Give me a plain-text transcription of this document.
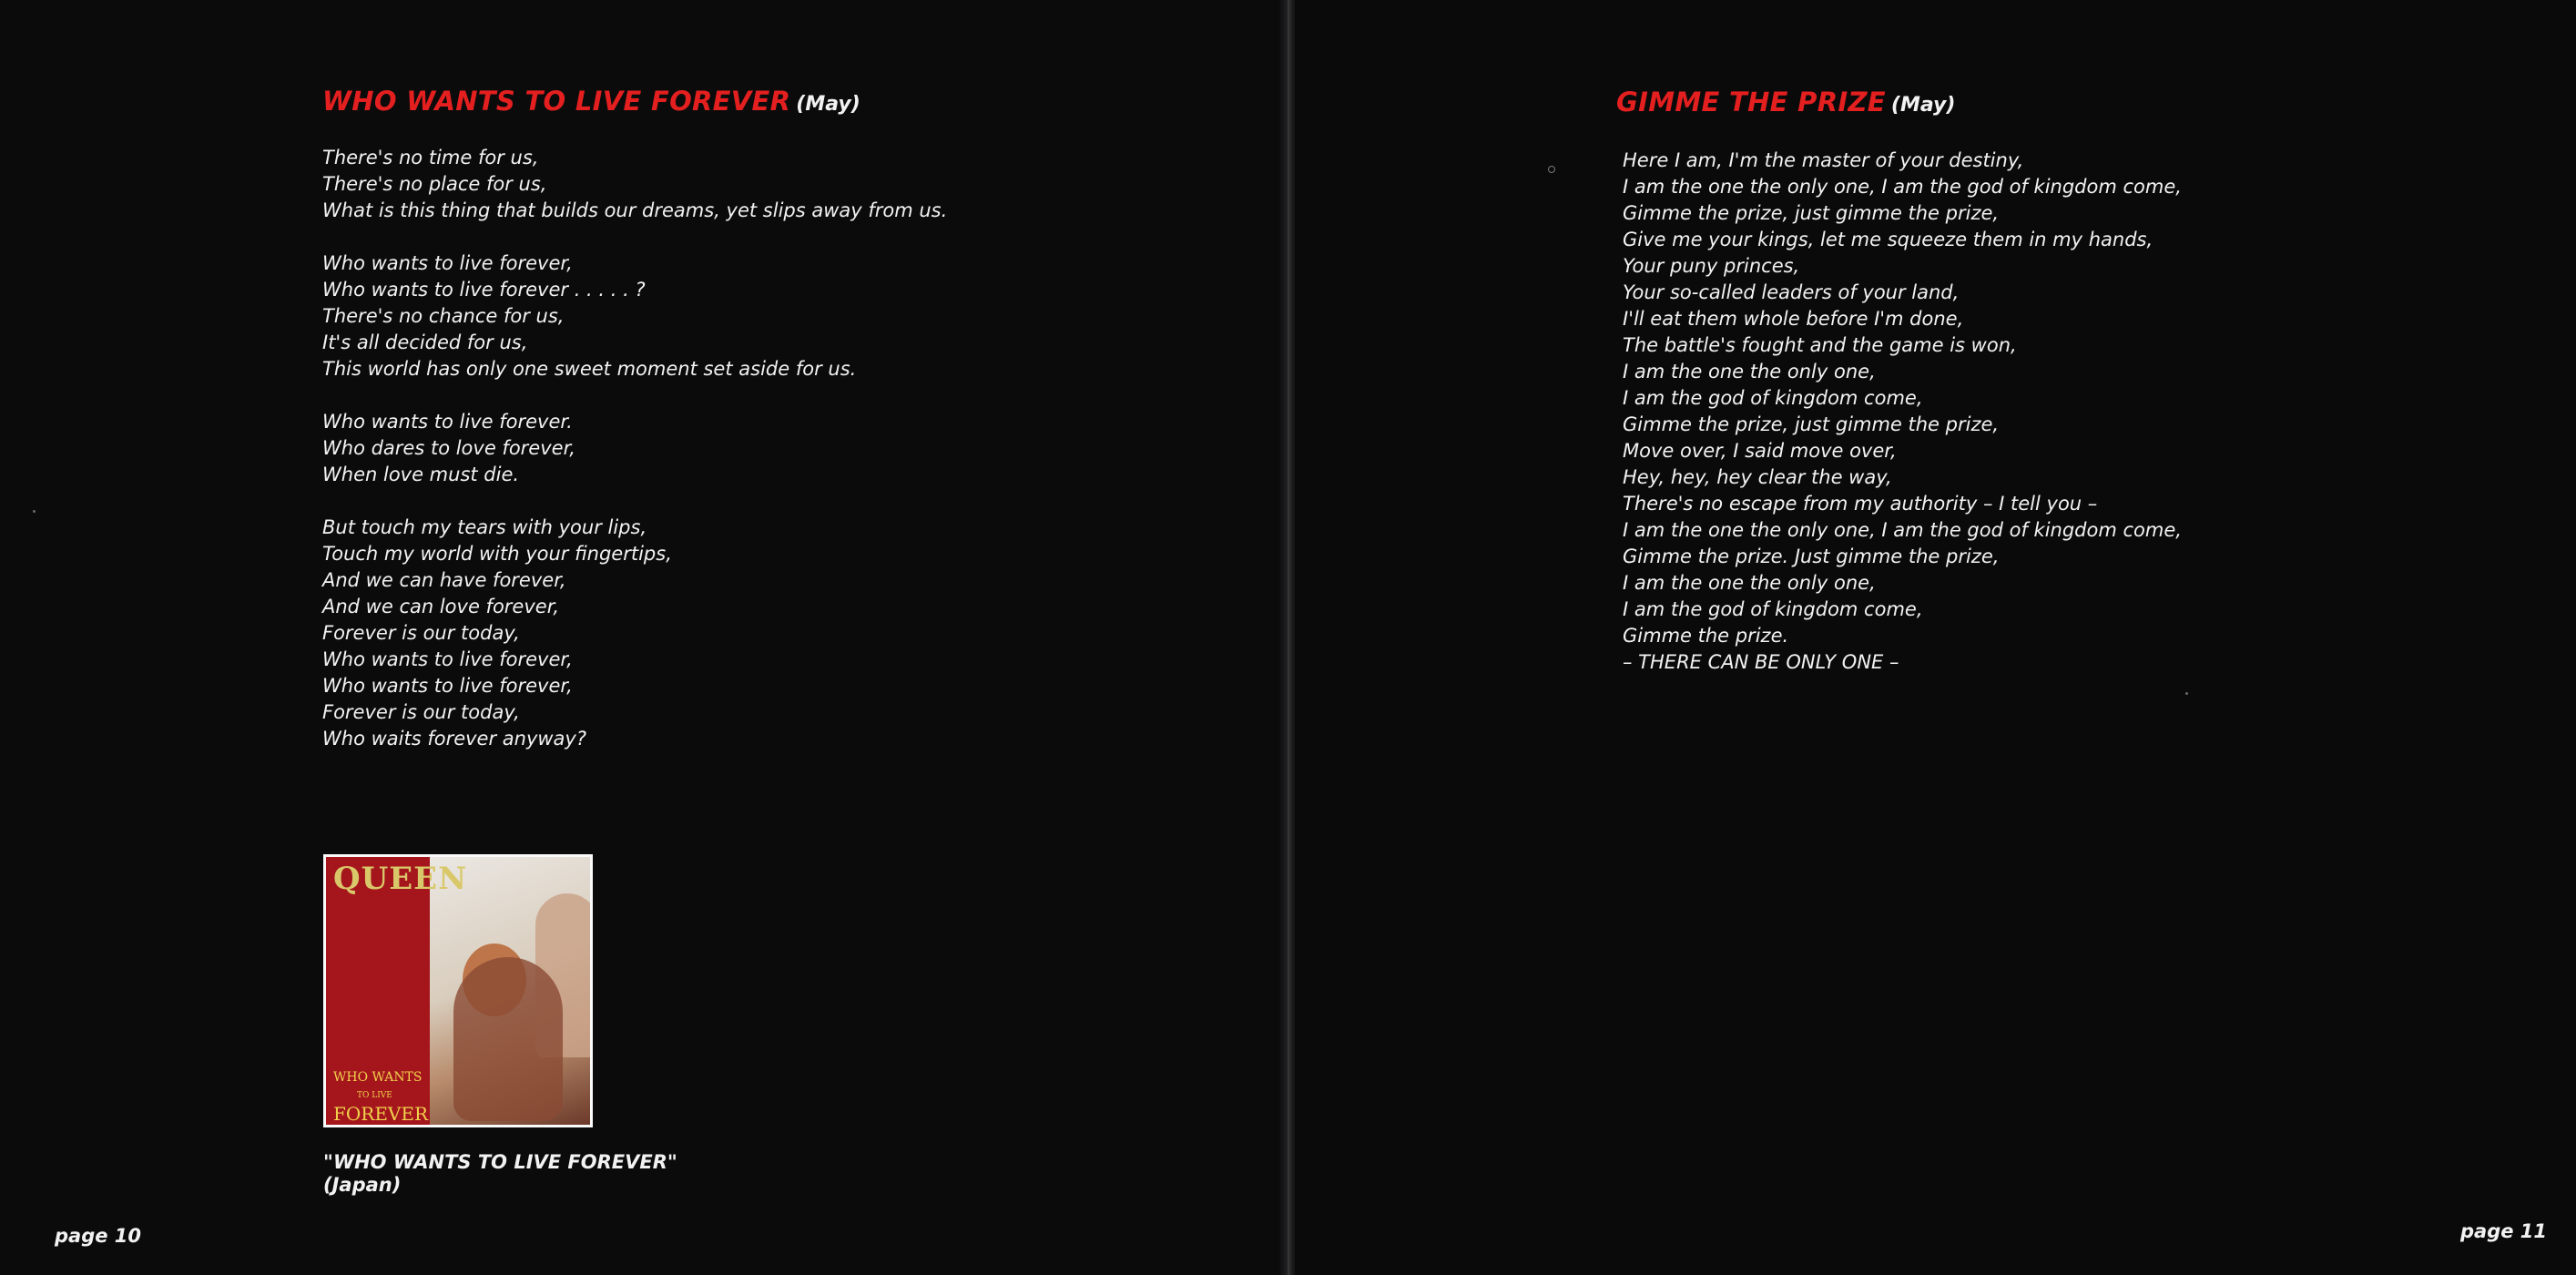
WHO WANTS TO LIVE FOREVER (May)
There's no time for us,
There's no place for us,
What is this thing that builds our dreams, yet slips away from us.
Who wants to live forever,
Who wants to live forever . . . . . ?
There's no chance for us,
It's all decided for us,
This world has only one sweet moment set aside for us.
Who wants to live forever.
Who dares to love forever,
When love must die.
But touch my tears with your lips,
Touch my world with your fingertips,
And we can have forever,
And we can love forever,
Forever is our today,
Who wants to live forever,
Who wants to live forever,
Forever is our today,
Who waits forever anyway?
QUEEN
WHO WANTS
TO LIVE
FOREVER
"WHO WANTS TO LIVE FOREVER"
(Japan)
page 10
GIMME THE PRIZE (May)
Here I am, I'm the master of your destiny,
I am the one the only one, I am the god of kingdom come,
Gimme the prize, just gimme the prize,
Give me your kings, let me squeeze them in my hands,
Your puny princes,
Your so-called leaders of your land,
I'll eat them whole before I'm done,
The battle's fought and the game is won,
I am the one the only one,
I am the god of kingdom come,
Gimme the prize, just gimme the prize,
Move over, I said move over,
Hey, hey, hey clear the way,
There's no escape from my authority – I tell you –
I am the one the only one, I am the god of kingdom come,
Gimme the prize. Just gimme the prize,
I am the one the only one,
I am the god of kingdom come,
Gimme the prize.
– THERE CAN BE ONLY ONE –
page 11
